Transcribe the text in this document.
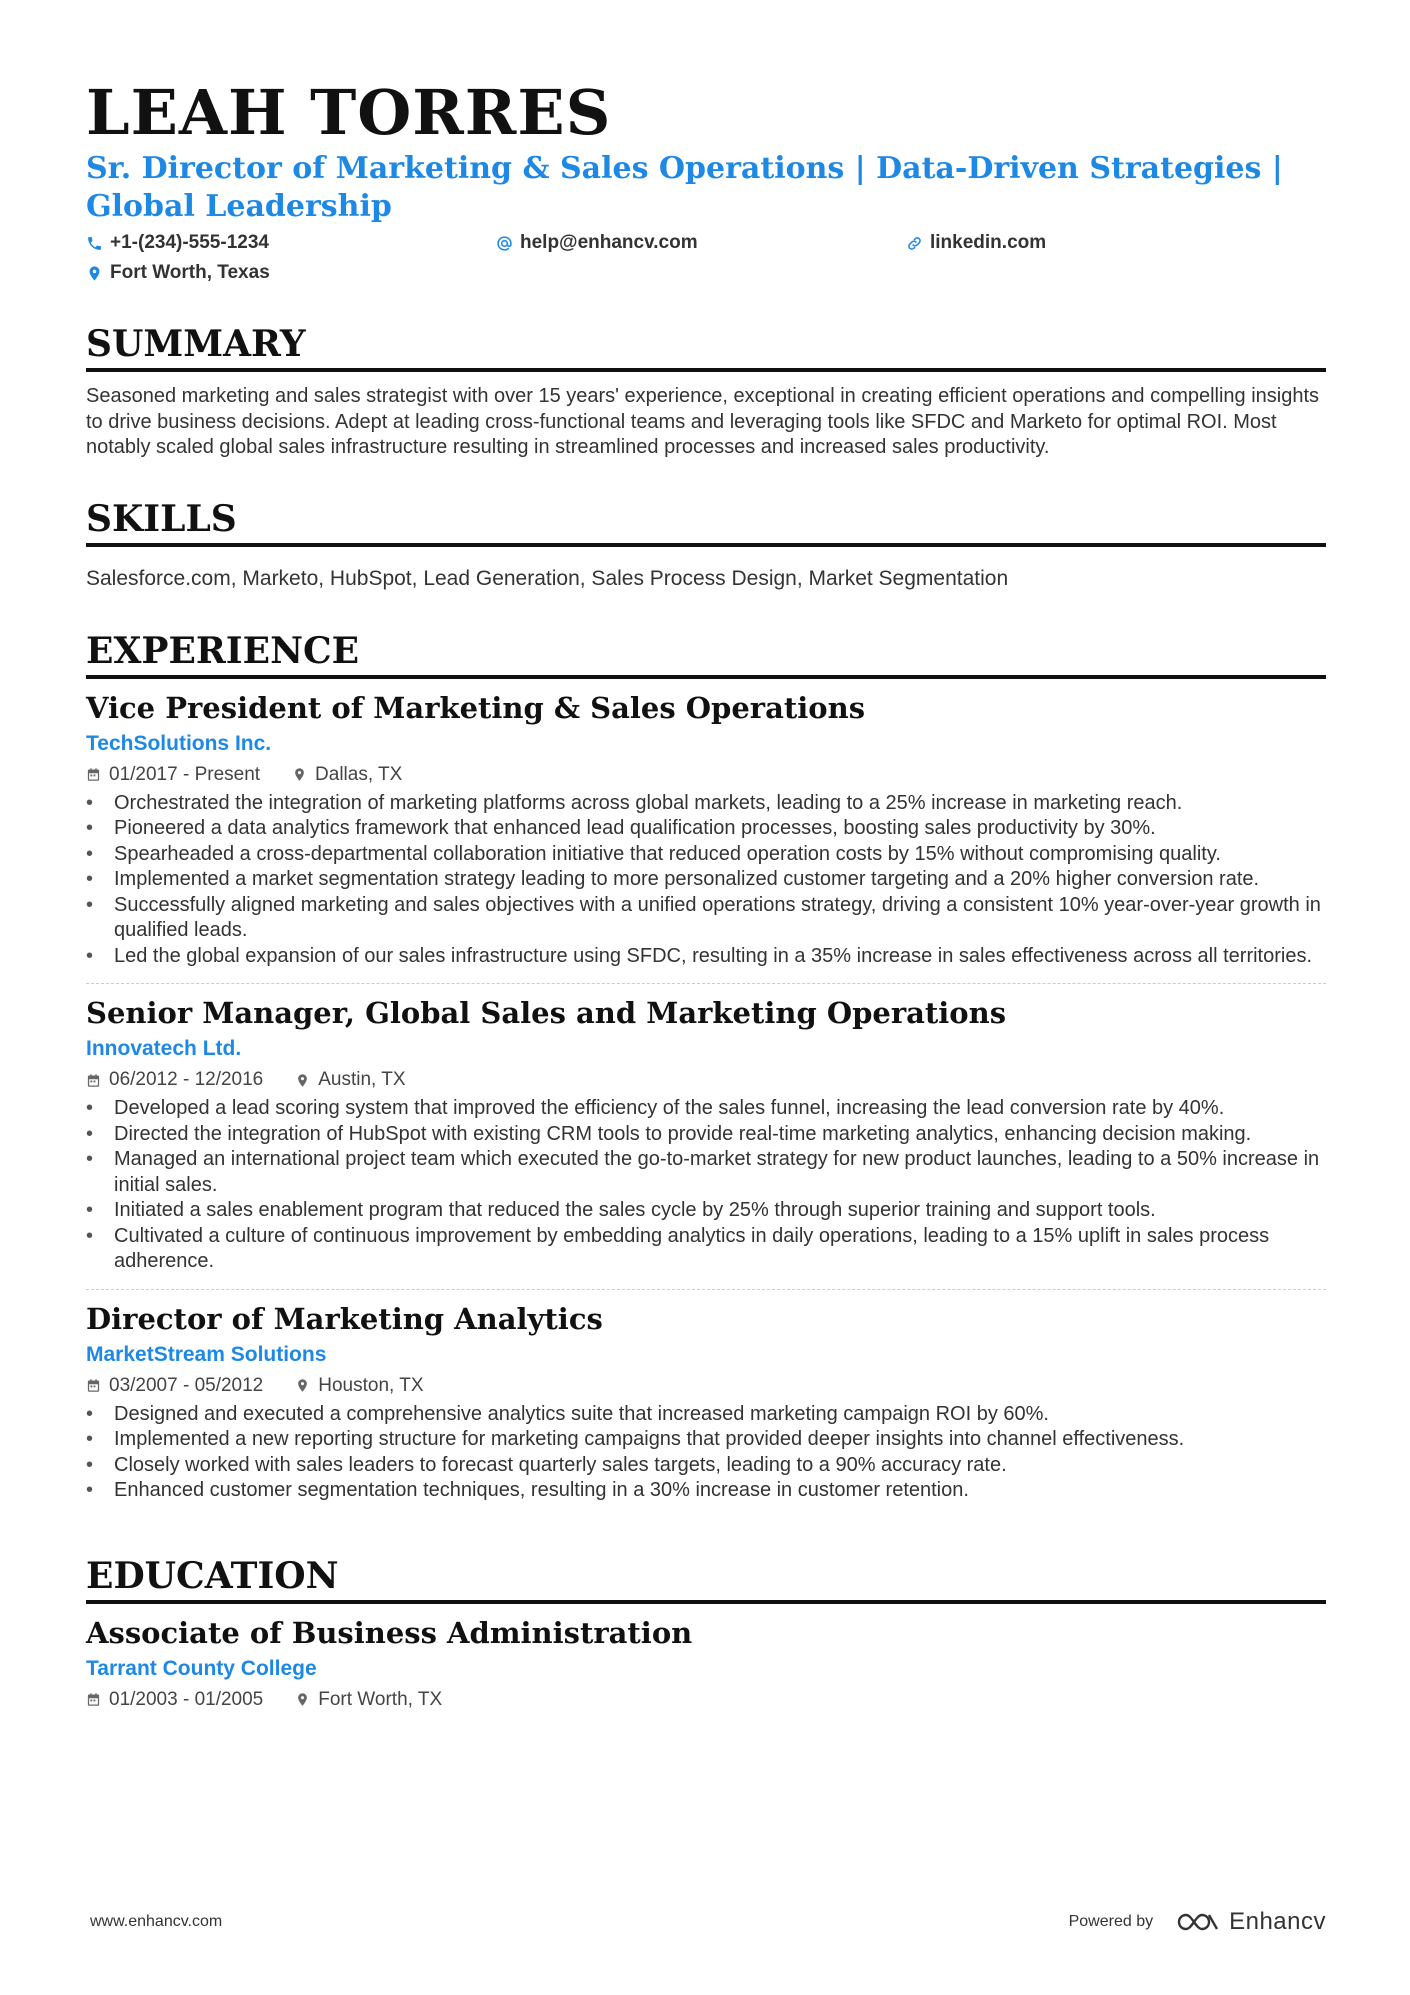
LEAH TORRES
Sr. Director of Marketing & Sales Operations | Data-Driven Strategies | Global Leadership
+1-(234)-555-1234	help@enhancv.com	linkedin.com
Fort Worth, Texas
SUMMARY

Seasoned marketing and sales strategist with over 15 years' experience, exceptional in creating efficient operations and compelling insights to drive business decisions. Adept at leading cross-functional teams and leveraging tools like SFDC and Marketo for optimal ROI. Most notably scaled global sales infrastructure resulting in streamlined processes and increased sales productivity.

SKILLS

Salesforce.com, Marketo, HubSpot, Lead Generation, Sales Process Design, Market Segmentation

EXPERIENCE
Vice President of Marketing & Sales Operations
TechSolutions Inc.
01/2017 - Present	Dallas, TX
• Orchestrated the integration of marketing platforms across global markets, leading to a 25% increase in marketing reach.
• Pioneered a data analytics framework that enhanced lead qualification processes, boosting sales productivity by 30%.
• Spearheaded a cross-departmental collaboration initiative that reduced operation costs by 15% without compromising quality.
• Implemented a market segmentation strategy leading to more personalized customer targeting and a 20% higher conversion rate.
• Successfully aligned marketing and sales objectives with a unified operations strategy, driving a consistent 10% year-over-year growth in qualified leads.
• Led the global expansion of our sales infrastructure using SFDC, resulting in a 35% increase in sales effectiveness across all territories.
Senior Manager, Global Sales and Marketing Operations
Innovatech Ltd.
06/2012 - 12/2016	Austin, TX
• Developed a lead scoring system that improved the efficiency of the sales funnel, increasing the lead conversion rate by 40%.
• Directed the integration of HubSpot with existing CRM tools to provide real-time marketing analytics, enhancing decision making.
• Managed an international project team which executed the go-to-market strategy for new product launches, leading to a 50% increase in initial sales.
• Initiated a sales enablement program that reduced the sales cycle by 25% through superior training and support tools.
• Cultivated a culture of continuous improvement by embedding analytics in daily operations, leading to a 15% uplift in sales process adherence.
Director of Marketing Analytics
MarketStream Solutions
03/2007 - 05/2012	Houston, TX
• Designed and executed a comprehensive analytics suite that increased marketing campaign ROI by 60%.
• Implemented a new reporting structure for marketing campaigns that provided deeper insights into channel effectiveness.
• Closely worked with sales leaders to forecast quarterly sales targets, leading to a 90% accuracy rate.
• Enhanced customer segmentation techniques, resulting in a 30% increase in customer retention.
EDUCATION
Associate of Business Administration
Tarrant County College
01/2003 - 01/2005	Fort Worth, TX
www.enhancv.com	Powered by	Enhancv
